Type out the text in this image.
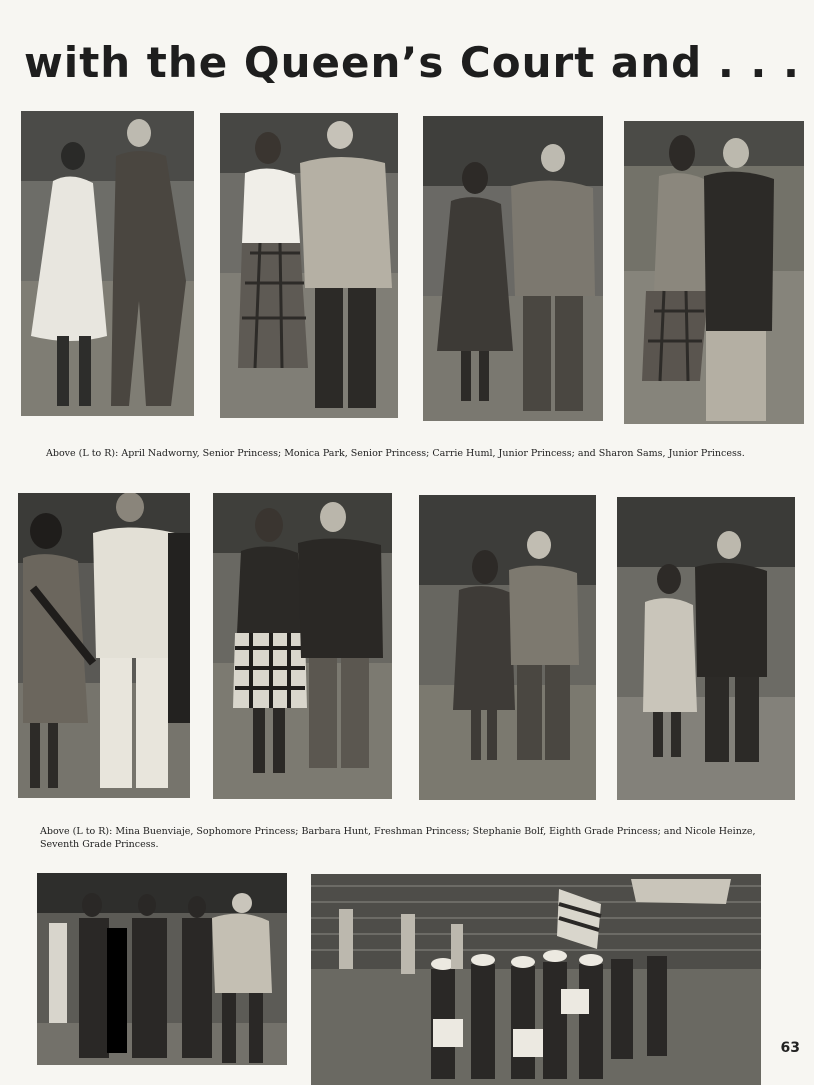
with the Queen’s Court and . . .
Above (L to R): April Nadworny, Senior Princess; Monica Park, Senior Princess; Carrie Huml, Junior Princess; and Sharon Sams, Junior Princess.
Above (L to R): Mina Buenviaje, Sophomore Princess; Barbara Hunt, Freshman Princess; Stephanie Bolf, Eighth Grade Princess; and Nicole Heinze, Seventh Grade Princess.
63
